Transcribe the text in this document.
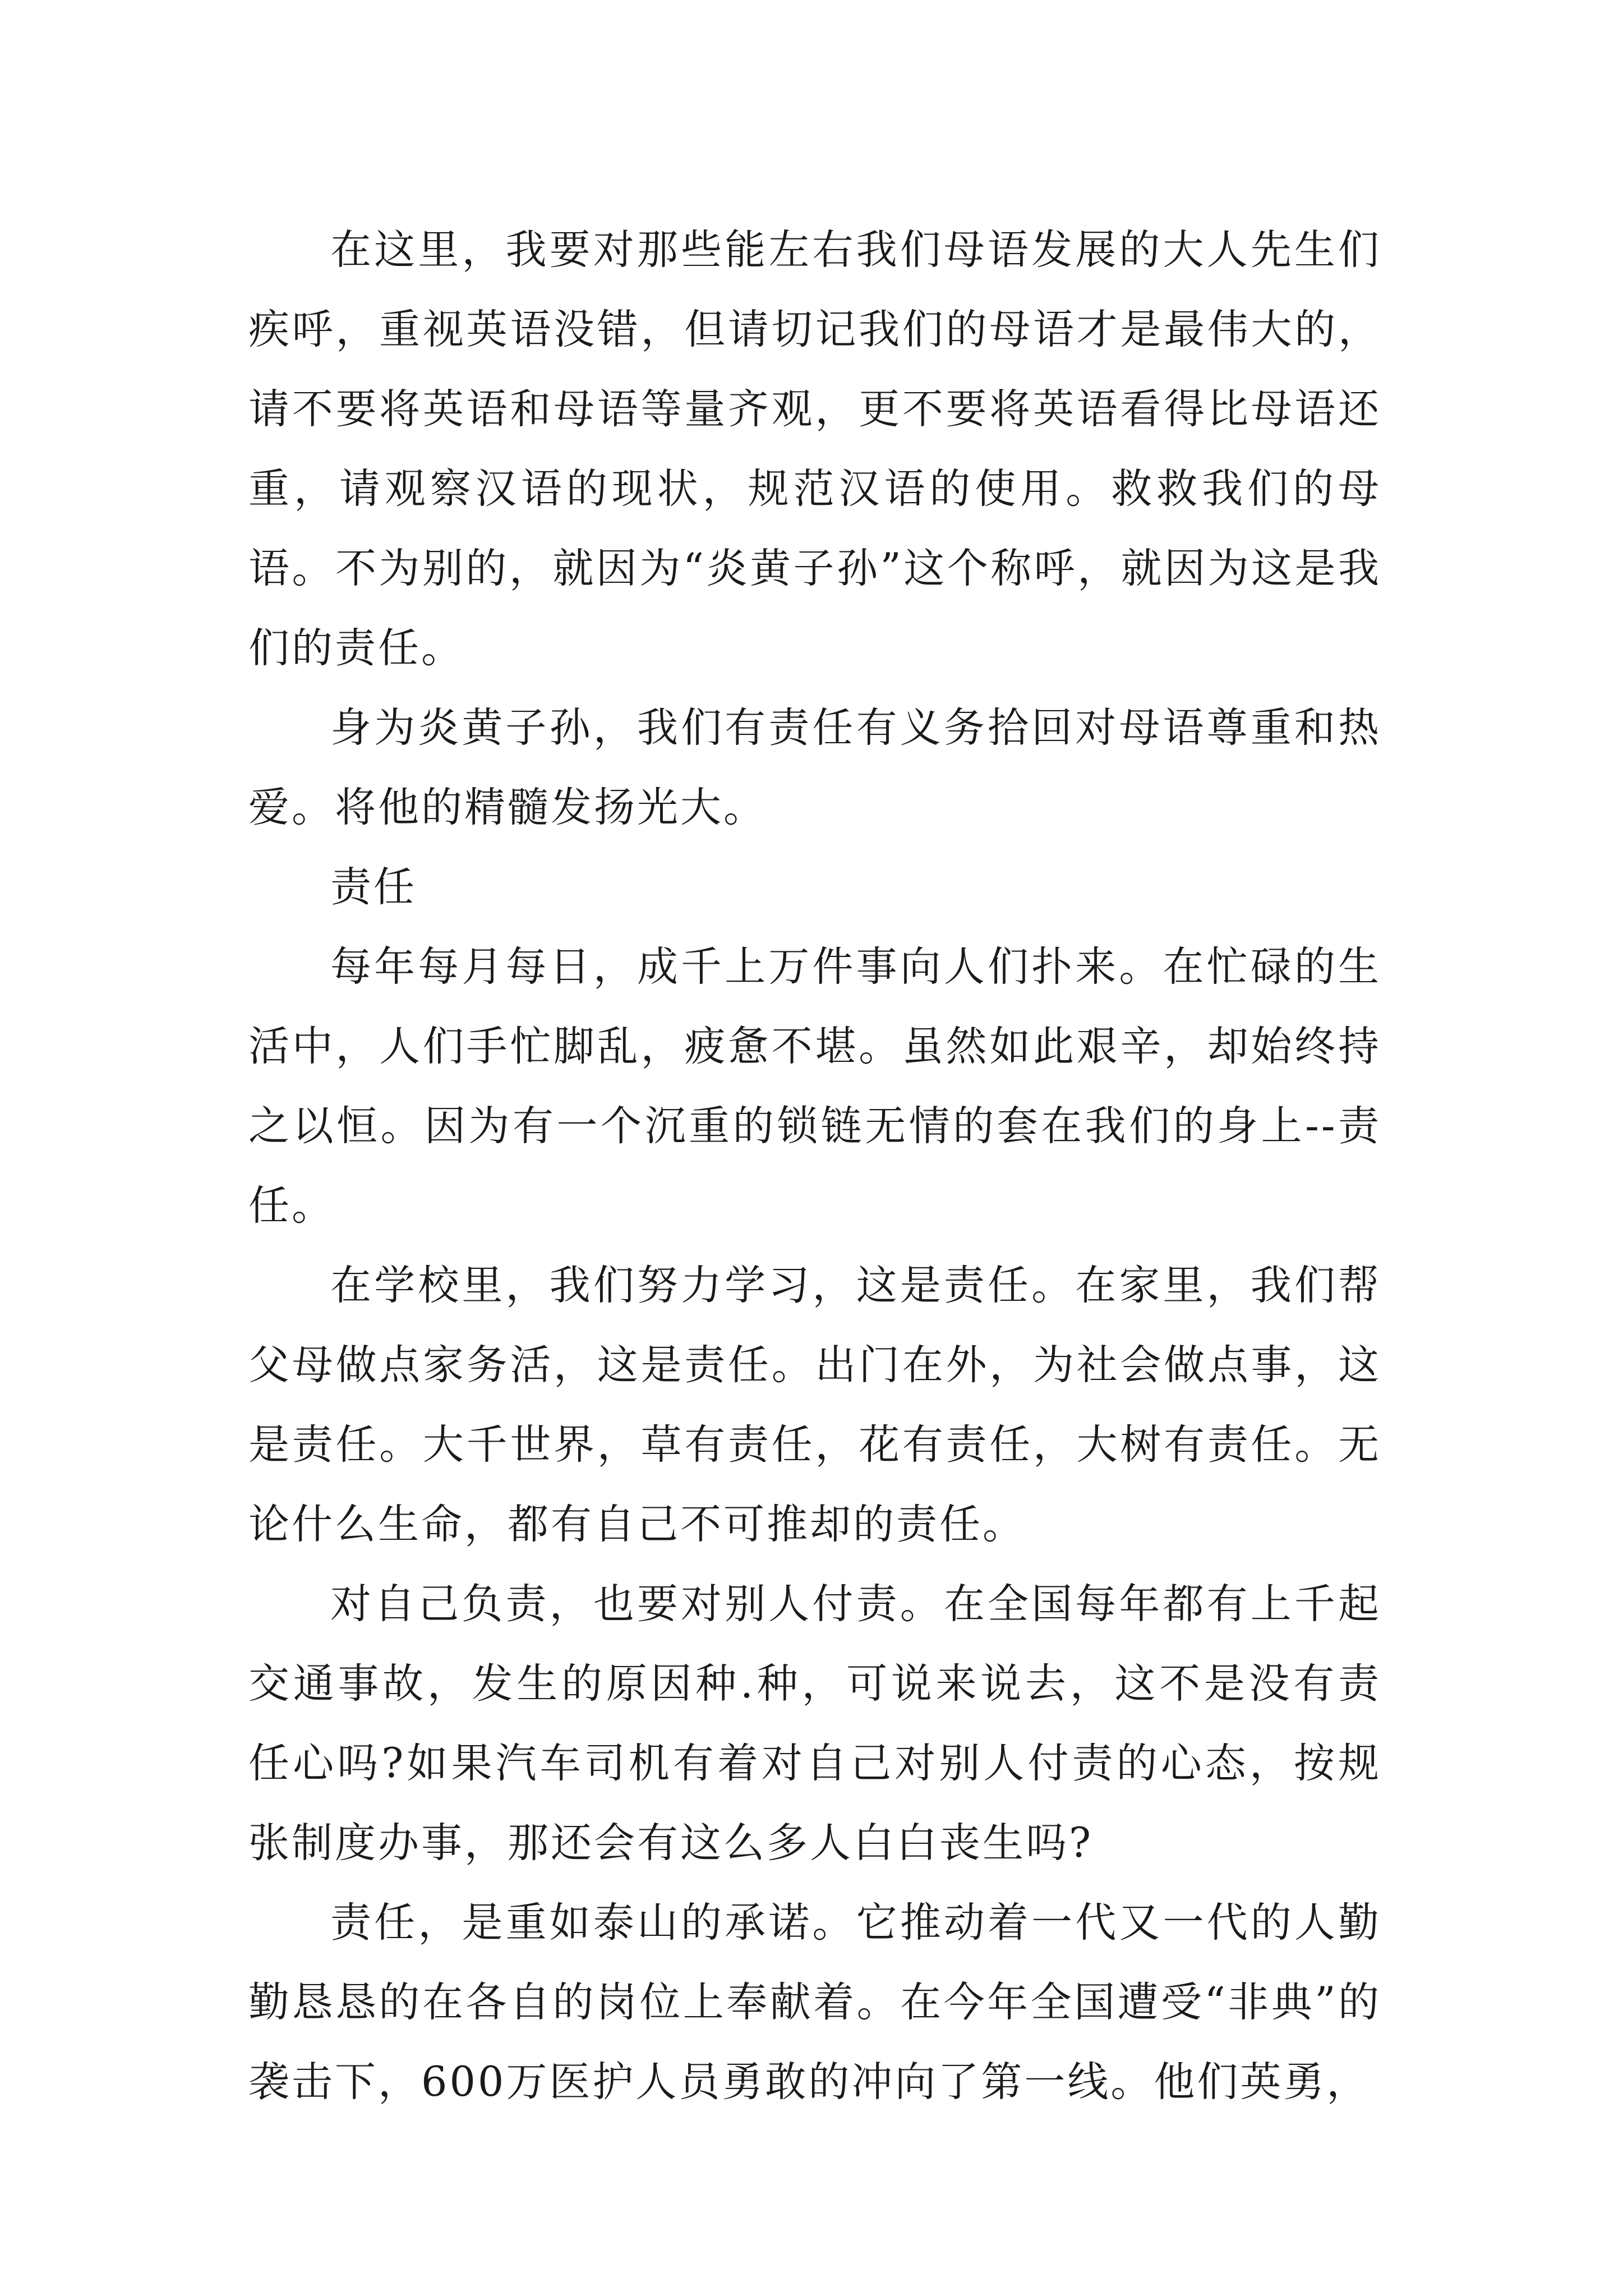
在这里，我要对那些能左右我们母语发展的大人先生们疾呼，重视英语没错，但请切记我们的母语才是最伟大的，请不要将英语和母语等量齐观，更不要将英语看得比母语还重，请观察汉语的现状，规范汉语的使用。救救我们的母语。不为别的，就因为“炎黄子孙”这个称呼，就因为这是我们的责任。

身为炎黄子孙，我们有责任有义务拾回对母语尊重和热爱。将他的精髓发扬光大。

责任

每年每月每日，成千上万件事向人们扑来。在忙碌的生活中，人们手忙脚乱，疲惫不堪。虽然如此艰辛，却始终持之以恒。因为有一个沉重的锁链无情的套在我们的身上--责任。

在学校里，我们努力学习，这是责任。在家里，我们帮父母做点家务活，这是责任。出门在外，为社会做点事，这是责任。大千世界，草有责任，花有责任，大树有责任。无论什么生命，都有自己不可推却的责任。

对自己负责，也要对别人付责。在全国每年都有上千起交通事故，发生的原因种.种，可说来说去，这不是没有责任心吗?如果汽车司机有着对自己对别人付责的心态，按规张制度办事，那还会有这么多人白白丧生吗?

责任，是重如泰山的承诺。它推动着一代又一代的人勤勤恳恳的在各自的岗位上奉献着。在今年全国遭受“非典”的袭击下，600万医护人员勇敢的冲向了第一线。他们英勇，
